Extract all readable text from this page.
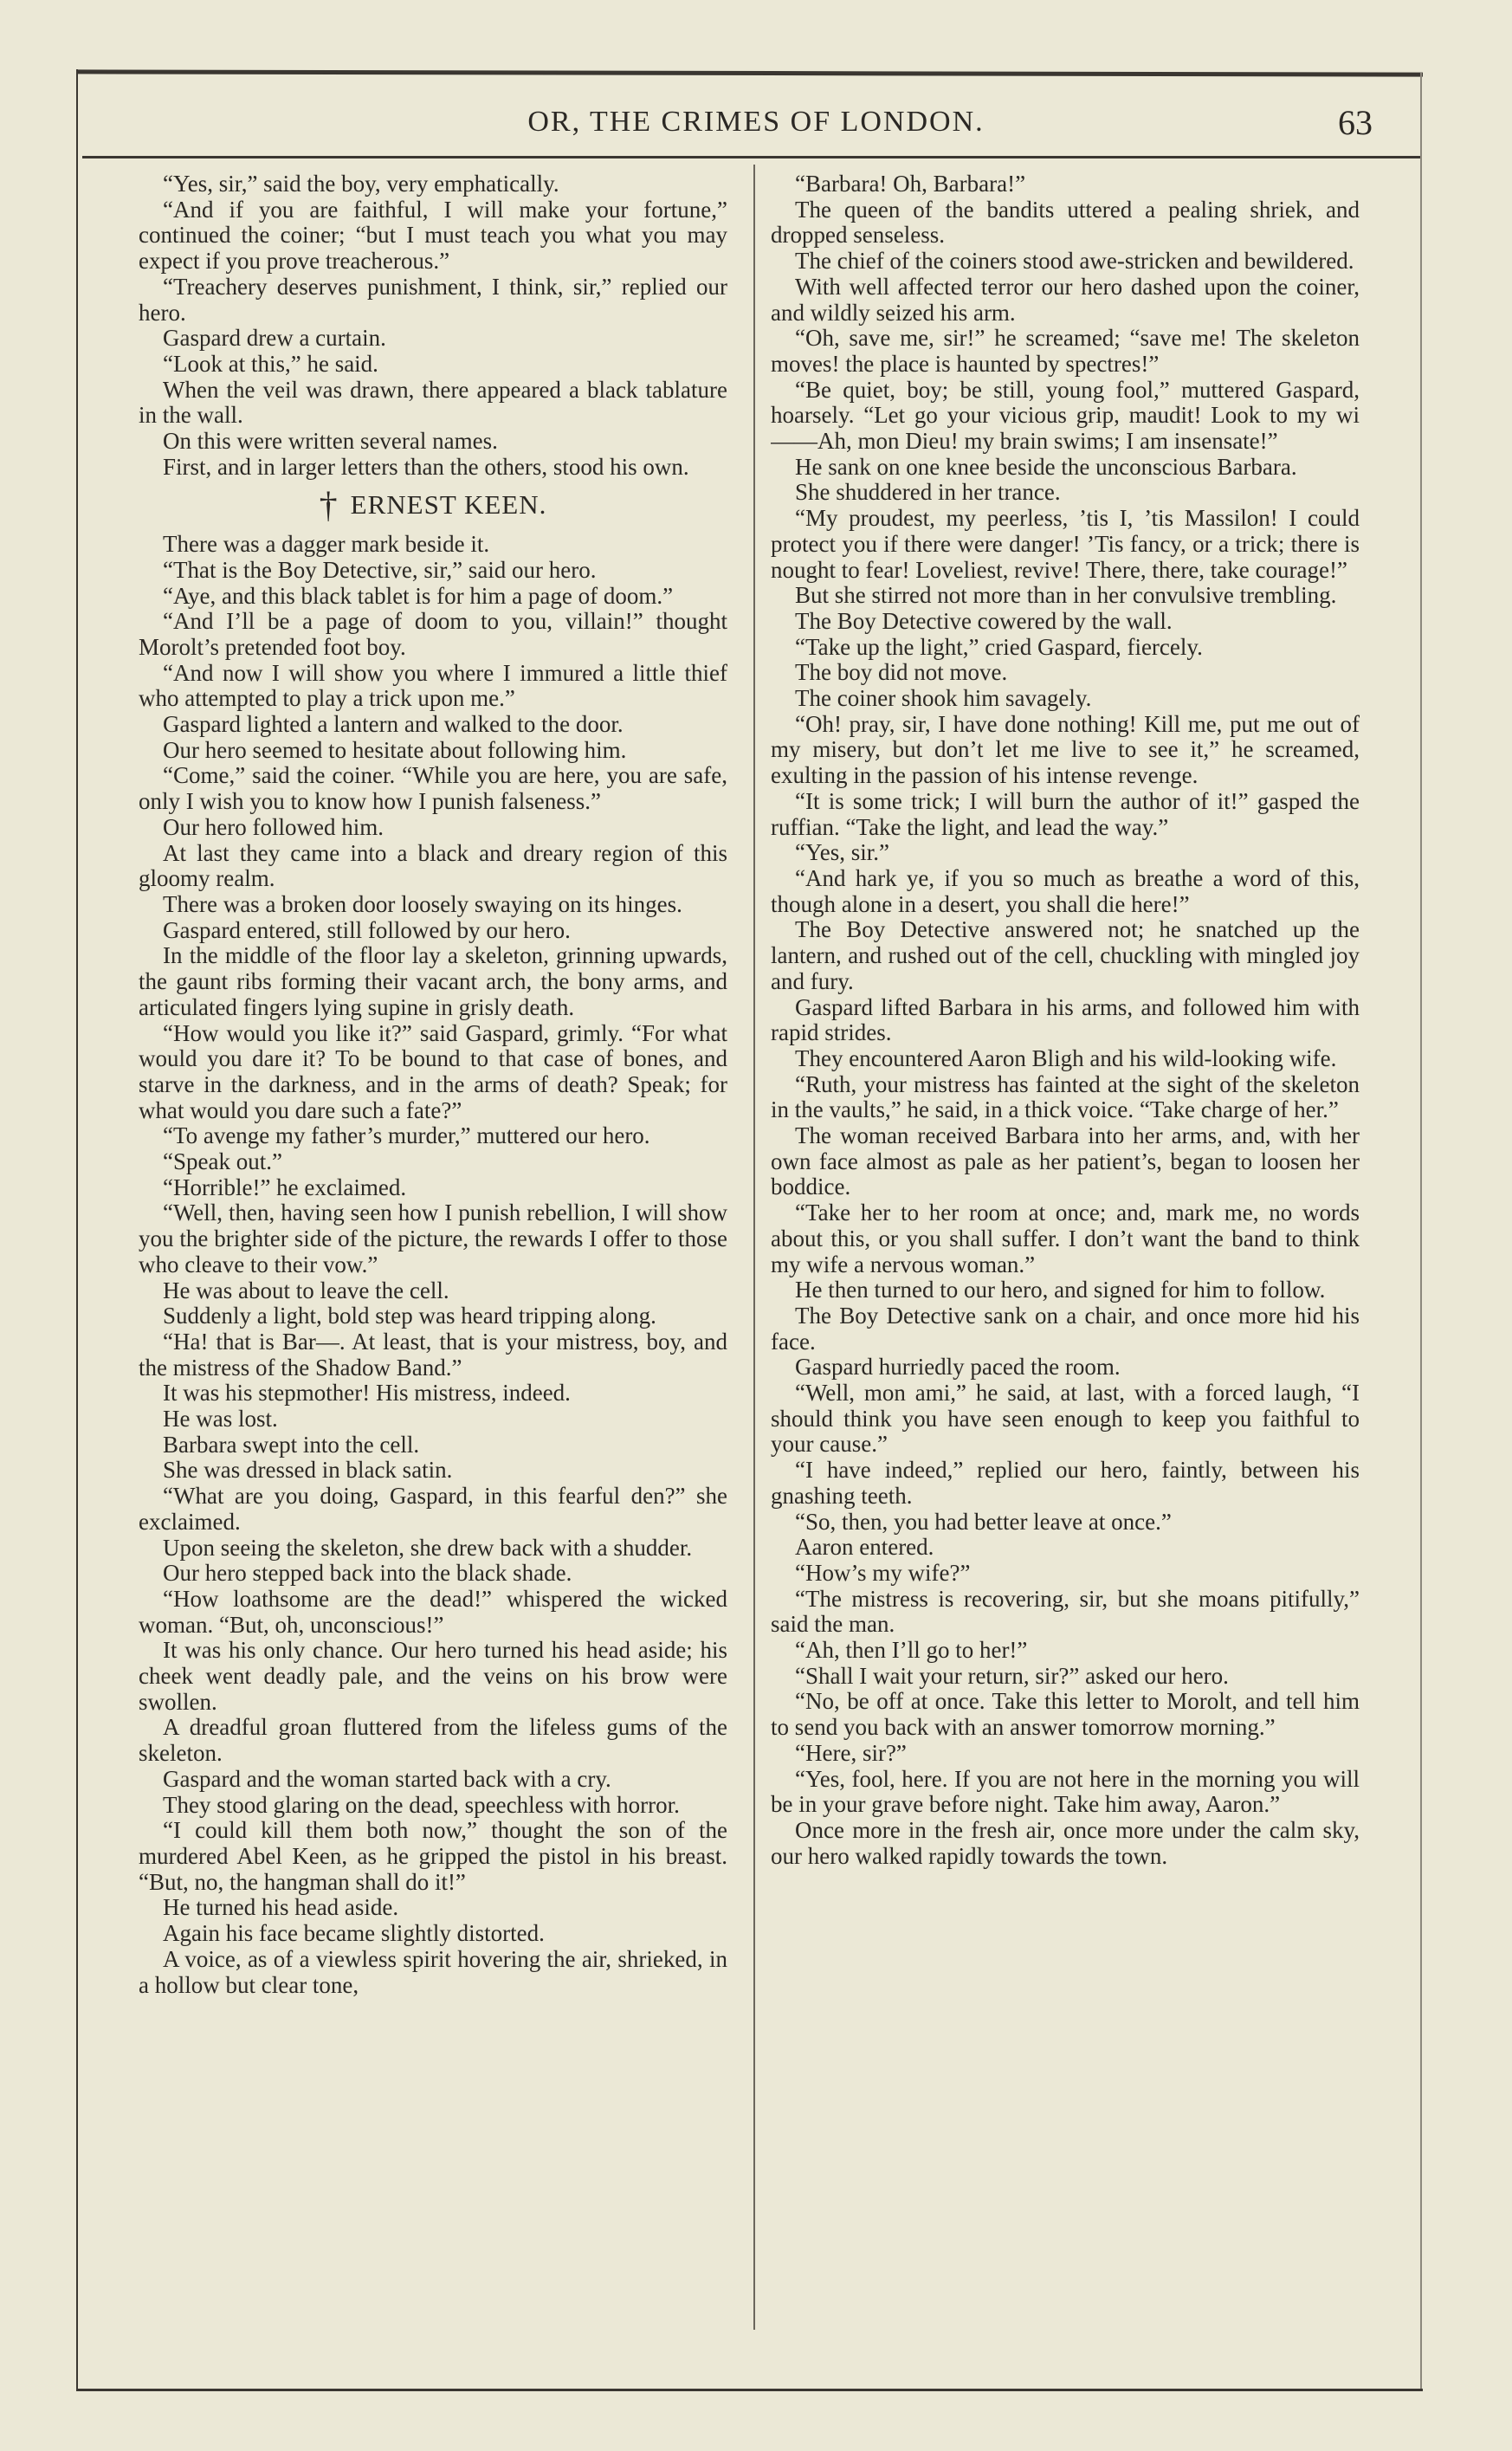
OR, THE CRIMES OF LONDON.	63

“Yes, sir,” said the boy, very emphatically.

“And if you are faithful, I will make your fortune,” continued the coiner; “but I must teach you what you may expect if you prove treacherous.”

“Treachery deserves punishment, I think, sir,” replied our hero.

Gaspard drew a curtain.

“Look at this,” he said.

When the veil was drawn, there appeared a black tablature in the wall.

On this were written several names.

First, and in larger letters than the others, stood his own.

† ERNEST KEEN.

There was a dagger mark beside it.

“That is the Boy Detective, sir,” said our hero.

“Aye, and this black tablet is for him a page of doom.”

“And I’ll be a page of doom to you, villain!” thought Morolt’s pretended foot boy.

“And now I will show you where I immured a little thief who attempted to play a trick upon me.”

Gaspard lighted a lantern and walked to the door.

Our hero seemed to hesitate about following him.

“Come,” said the coiner. “While you are here, you are safe, only I wish you to know how I punish falseness.”

Our hero followed him.

At last they came into a black and dreary region of this gloomy realm.

There was a broken door loosely swaying on its hinges.

Gaspard entered, still followed by our hero.

In the middle of the floor lay a skeleton, grinning upwards, the gaunt ribs forming their vacant arch, the bony arms, and articulated fingers lying supine in grisly death.

“How would you like it?” said Gaspard, grimly. “For what would you dare it? To be bound to that case of bones, and starve in the darkness, and in the arms of death? Speak; for what would you dare such a fate?”

“To avenge my father’s murder,” muttered our hero.

“Speak out.”

“Horrible!” he exclaimed.

“Well, then, having seen how I punish rebellion, I will show you the brighter side of the picture, the rewards I offer to those who cleave to their vow.”

He was about to leave the cell.

Suddenly a light, bold step was heard tripping along.

“Ha! that is Bar—. At least, that is your mistress, boy, and the mistress of the Shadow Band.”

It was his stepmother! His mistress, indeed.

He was lost.

Barbara swept into the cell.

She was dressed in black satin.

“What are you doing, Gaspard, in this fearful den?” she exclaimed.

Upon seeing the skeleton, she drew back with a shudder.

Our hero stepped back into the black shade.

“How loathsome are the dead!” whispered the wicked woman. “But, oh, unconscious!”

It was his only chance. Our hero turned his head aside; his cheek went deadly pale, and the veins on his brow were swollen.

A dreadful groan fluttered from the lifeless gums of the skeleton.

Gaspard and the woman started back with a cry.

They stood glaring on the dead, speechless with horror.

“I could kill them both now,” thought the son of the murdered Abel Keen, as he gripped the pistol in his breast. “But, no, the hangman shall do it!”

He turned his head aside.

Again his face became slightly distorted.

A voice, as of a viewless spirit hovering the air, shrieked, in a hollow but clear tone,

“Barbara! Oh, Barbara!”

The queen of the bandits uttered a pealing shriek, and dropped senseless.

The chief of the coiners stood awe-stricken and bewildered.

With well affected terror our hero dashed upon the coiner, and wildly seized his arm.

“Oh, save me, sir!” he screamed; “save me! The skeleton moves! the place is haunted by spectres!”

“Be quiet, boy; be still, young fool,” muttered Gaspard, hoarsely. “Let go your vicious grip, maudit! Look to my wi——Ah, mon Dieu! my brain swims; I am insensate!”

He sank on one knee beside the unconscious Barbara.

She shuddered in her trance.

“My proudest, my peerless, ’tis I, ’tis Massilon! I could protect you if there were danger! ’Tis fancy, or a trick; there is nought to fear! Loveliest, revive! There, there, take courage!”

But she stirred not more than in her convulsive trembling.

The Boy Detective cowered by the wall.

“Take up the light,” cried Gaspard, fiercely.

The boy did not move.

The coiner shook him savagely.

“Oh! pray, sir, I have done nothing! Kill me, put me out of my misery, but don’t let me live to see it,” he screamed, exulting in the passion of his intense revenge.

“It is some trick; I will burn the author of it!” gasped the ruffian. “Take the light, and lead the way.”

“Yes, sir.”

“And hark ye, if you so much as breathe a word of this, though alone in a desert, you shall die here!”

The Boy Detective answered not; he snatched up the lantern, and rushed out of the cell, chuckling with mingled joy and fury.

Gaspard lifted Barbara in his arms, and followed him with rapid strides.

They encountered Aaron Bligh and his wild-looking wife.

“Ruth, your mistress has fainted at the sight of the skeleton in the vaults,” he said, in a thick voice. “Take charge of her.”

The woman received Barbara into her arms, and, with her own face almost as pale as her patient’s, began to loosen her boddice.

“Take her to her room at once; and, mark me, no words about this, or you shall suffer. I don’t want the band to think my wife a nervous woman.”

He then turned to our hero, and signed for him to follow.

The Boy Detective sank on a chair, and once more hid his face.

Gaspard hurriedly paced the room.

“Well, mon ami,” he said, at last, with a forced laugh, “I should think you have seen enough to keep you faithful to your cause.”

“I have indeed,” replied our hero, faintly, between his gnashing teeth.

“So, then, you had better leave at once.”

Aaron entered.

“How’s my wife?”

“The mistress is recovering, sir, but she moans pitifully,” said the man.

“Ah, then I’ll go to her!”

“Shall I wait your return, sir?” asked our hero.

“No, be off at once. Take this letter to Morolt, and tell him to send you back with an answer tomorrow morning.”

“Here, sir?”

“Yes, fool, here. If you are not here in the morning you will be in your grave before night. Take him away, Aaron.”

Once more in the fresh air, once more under the calm sky, our hero walked rapidly towards the town.
